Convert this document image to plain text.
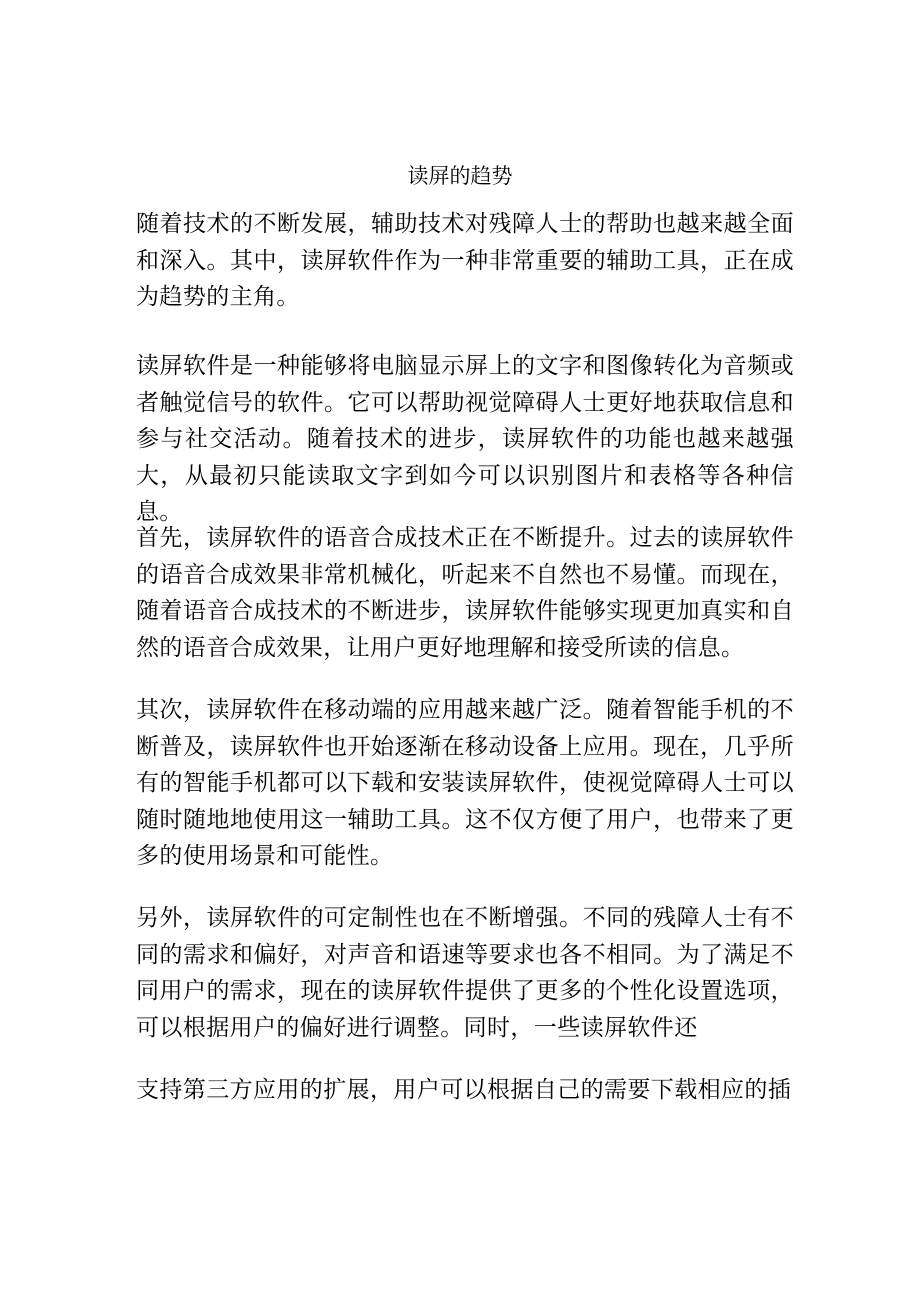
读屏的趋势

随着技术的不断发展，辅助技术对残障人士的帮助也越来越全面和深入。其中，读屏软件作为一种非常重要的辅助工具，正在成为趋势的主角。

读屏软件是一种能够将电脑显示屏上的文字和图像转化为音频或者触觉信号的软件。它可以帮助视觉障碍人士更好地获取信息和参与社交活动。随着技术的进步，读屏软件的功能也越来越强大，从最初只能读取文字到如今可以识别图片和表格等各种信息。

首先，读屏软件的语音合成技术正在不断提升。过去的读屏软件的语音合成效果非常机械化，听起来不自然也不易懂。而现在，随着语音合成技术的不断进步，读屏软件能够实现更加真实和自然的语音合成效果，让用户更好地理解和接受所读的信息。

其次，读屏软件在移动端的应用越来越广泛。随着智能手机的不断普及，读屏软件也开始逐渐在移动设备上应用。现在，几乎所有的智能手机都可以下载和安装读屏软件，使视觉障碍人士可以随时随地地使用这一辅助工具。这不仅方便了用户，也带来了更多的使用场景和可能性。

另外，读屏软件的可定制性也在不断增强。不同的残障人士有不同的需求和偏好，对声音和语速等要求也各不相同。为了满足不同用户的需求，现在的读屏软件提供了更多的个性化设置选项，可以根据用户的偏好进行调整。同时，一些读屏软件还

支持第三方应用的扩展，用户可以根据自己的需要下载相应的插
